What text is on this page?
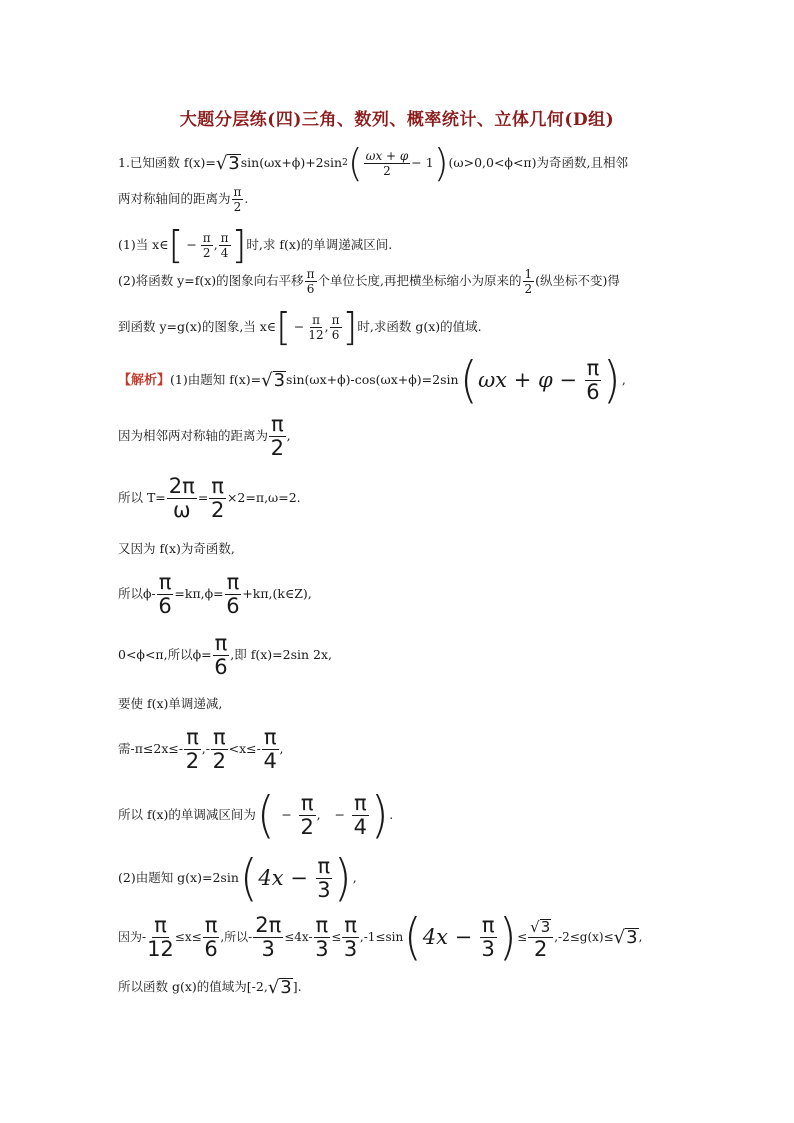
大题分层练(四)三角、数列、概率统计、立体几何(D组)
1.已知函数 f(x)= √ 3 sin(ωx+ϕ)+2sin 2 ( $\frac{\omega x + \varphi}{2} - 1$ ) (ω>0,0<ϕ<π)为奇函数,且相邻
两对称轴间的距离为 $\frac{\pi}{2}$ .
(1)当 x∈ [ − $\frac{\pi}{2}$ , $\frac{\pi}{4}$ ] 时,求 f(x)的单调递减区间.
(2)将函数 y=f(x)的图象向右平移 $\frac{\pi}{6}$ 个单位长度,再把横坐标缩小为原来的 $\frac{1}{2}$ (纵坐标不变)得
到函数 y=g(x)的图象,当 x∈ [ − $\frac{\pi}{12}$ , $\frac{\pi}{6}$ ] 时,求函数 g(x)的值域.
【解析】 (1)由题知 f(x)= √ 3 sin(ωx+ϕ)-cos(ωx+ϕ)=2sin ( $\omega x + \varphi - \frac{\pi}{6}$ ) ,
因为相邻两对称轴的距离为 $\frac{\pi}{2}$ ,
所以 $T= \frac{2\pi}{\omega} = \frac{\pi}{2} \times 2=\pi,\omega=2$.
又因为 f(x)为奇函数,
所以$\phi- \frac{\pi}{6} =k\pi,\phi= \frac{\pi}{6}$ +kπ,(k∈Z),
0<ϕ<π,所以$\phi= \frac{\pi}{6}$ ,即 f(x)=2sin 2x,
要使 f(x)单调递减,
需$-\pi\le 2x\le- \frac{\pi}{2}$ ,- $\frac{\pi}{2} <x\le- \frac{\pi}{4}$ ,
所以 f(x)的单调减区间为 ( − $\frac{\pi}{2}$ , − $\frac{\pi}{4}$ ) .
(2)由题知 g(x)=2sin ( $4x - \frac{\pi}{3}$ ) ,
因为- $\frac{\pi}{12} \le x\le \frac{\pi}{6}$ ,所以- $\frac{2\pi}{3} \le 4x- \frac{\pi}{3} \le \frac{\pi}{3} ,-1\le\sin$ ( $4x - \frac{\pi}{3}$ ) ≤ $\frac{√ 3}{2} ,-2\le g(x)\le$ √ 3 ,
所以函数 g(x)的值域为[-2, √ 3 ].
